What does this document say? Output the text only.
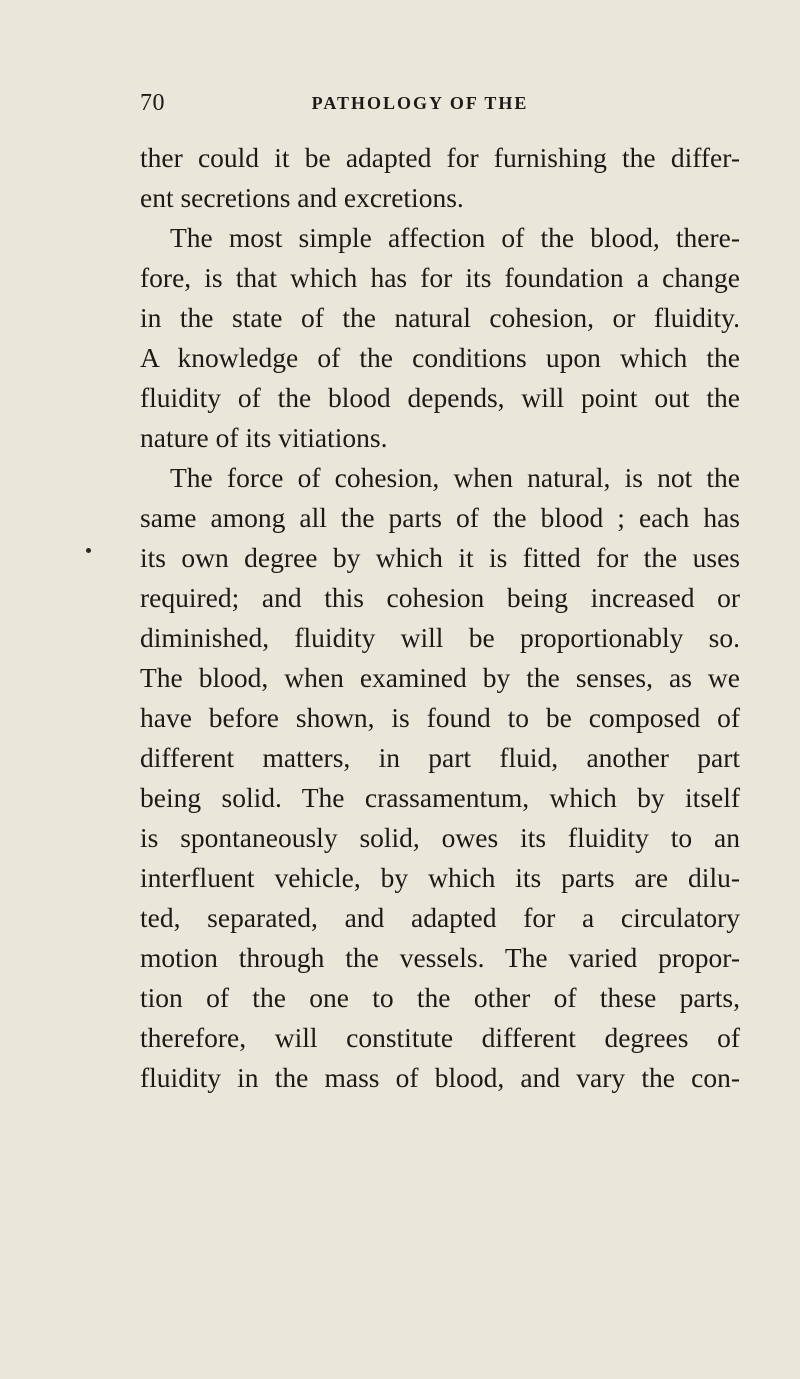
70	PATHOLOGY OF THE
ther could it be adapted for furnishing the differ-
ent secretions and excretions.
The most simple affection of the blood, there-
fore, is that which has for its foundation a change
in the state of the natural cohesion, or fluidity.
A knowledge of the conditions upon which the
fluidity of the blood depends, will point out the
nature of its vitiations.
The force of cohesion, when natural, is not the
same among all the parts of the blood ; each has
its own degree by which it is fitted for the uses
required; and this cohesion being increased or
diminished, fluidity will be proportionably so.
The blood, when examined by the senses, as we
have before shown, is found to be composed of
different matters, in part fluid, another part
being solid. The crassamentum, which by itself
is spontaneously solid, owes its fluidity to an
interfluent vehicle, by which its parts are dilu-
ted, separated, and adapted for a circulatory
motion through the vessels. The varied propor-
tion of the one to the other of these parts,
therefore, will constitute different degrees of
fluidity in the mass of blood, and vary the con-
